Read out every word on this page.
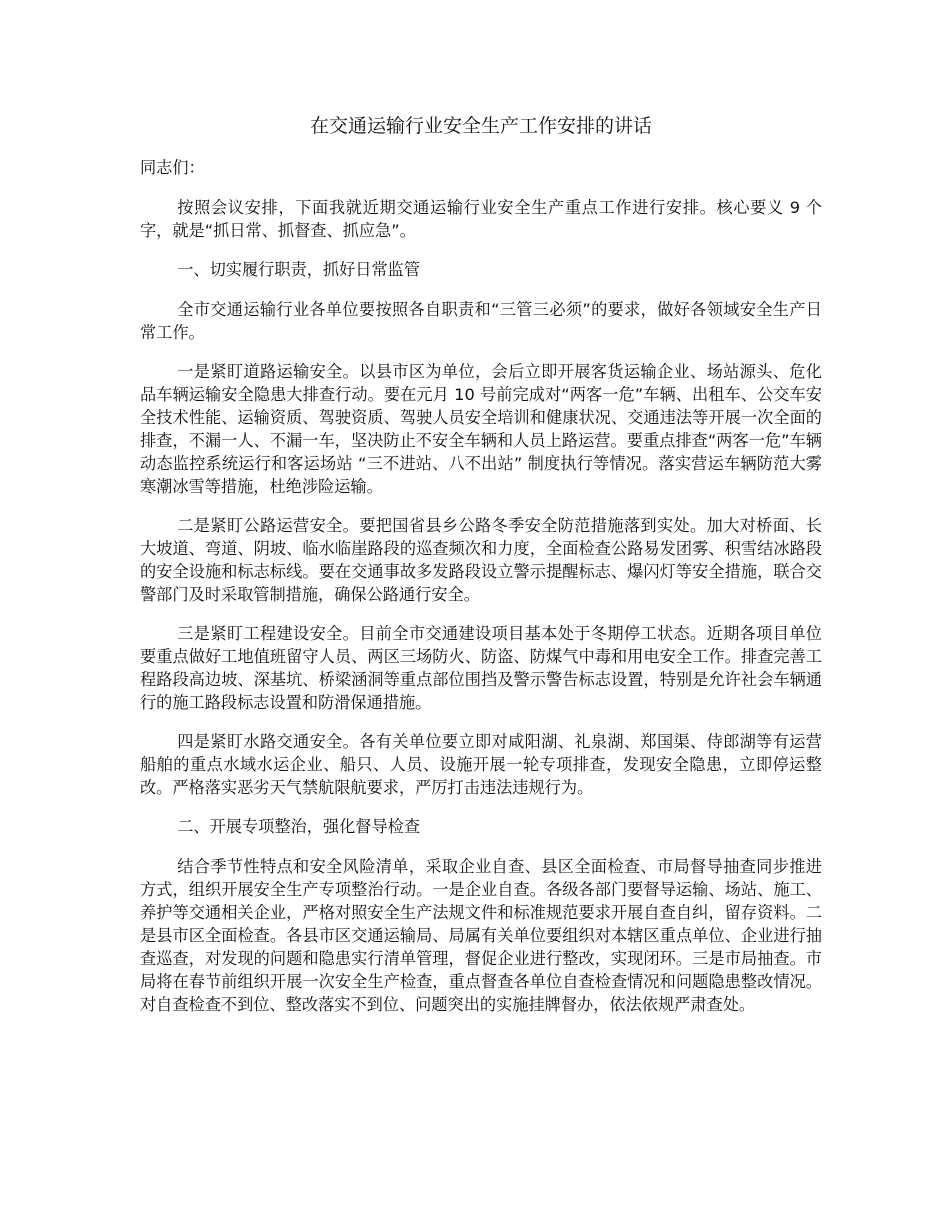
在交通运输行业安全生产工作安排的讲话

同志们：

按照会议安排，下面我就近期交通运输行业安全生产重点工作进行安排。核心要义 9 个字，就是“抓日常、抓督查、抓应急”。

一、切实履行职责，抓好日常监管

全市交通运输行业各单位要按照各自职责和“三管三必须”的要求，做好各领域安全生产日常工作。

一是紧盯道路运输安全。以县市区为单位，会后立即开展客货运输企业、场站源头、危化品车辆运输安全隐患大排查行动。要在元月 10 号前完成对“两客一危”车辆、出租车、公交车安全技术性能、运输资质、驾驶资质、驾驶人员安全培训和健康状况、交通违法等开展一次全面的排查，不漏一人、不漏一车，坚决防止不安全车辆和人员上路运营。要重点排查“两客一危”车辆动态监控系统运行和客运场站 “三不进站、八不出站” 制度执行等情况。落实营运车辆防范大雾寒潮冰雪等措施，杜绝涉险运输。

二是紧盯公路运营安全。要把国省县乡公路冬季安全防范措施落到实处。加大对桥面、长大坡道、弯道、阴坡、临水临崖路段的巡查频次和力度，全面检查公路易发团雾、积雪结冰路段的安全设施和标志标线。要在交通事故多发路段设立警示提醒标志、爆闪灯等安全措施，联合交警部门及时采取管制措施，确保公路通行安全。

三是紧盯工程建设安全。目前全市交通建设项目基本处于冬期停工状态。近期各项目单位要重点做好工地值班留守人员、两区三场防火、防盗、防煤气中毒和用电安全工作。排查完善工程路段高边坡、深基坑、桥梁涵洞等重点部位围挡及警示警告标志设置，特别是允许社会车辆通行的施工路段标志设置和防滑保通措施。

四是紧盯水路交通安全。各有关单位要立即对咸阳湖、礼泉湖、郑国渠、侍郎湖等有运营船舶的重点水域水运企业、船只、人员、设施开展一轮专项排查，发现安全隐患，立即停运整改。严格落实恶劣天气禁航限航要求，严厉打击违法违规行为。

二、开展专项整治，强化督导检查

结合季节性特点和安全风险清单，采取企业自查、县区全面检查、市局督导抽查同步推进方式，组织开展安全生产专项整治行动。一是企业自查。各级各部门要督导运输、场站、施工、养护等交通相关企业，严格对照安全生产法规文件和标准规范要求开展自查自纠，留存资料。二是县市区全面检查。各县市区交通运输局、局属有关单位要组织对本辖区重点单位、企业进行抽查巡查，对发现的问题和隐患实行清单管理，督促企业进行整改，实现闭环。三是市局抽查。市局将在春节前组织开展一次安全生产检查，重点督查各单位自查检查情况和问题隐患整改情况。对自查检查不到位、整改落实不到位、问题突出的实施挂牌督办，依法依规严肃查处。
